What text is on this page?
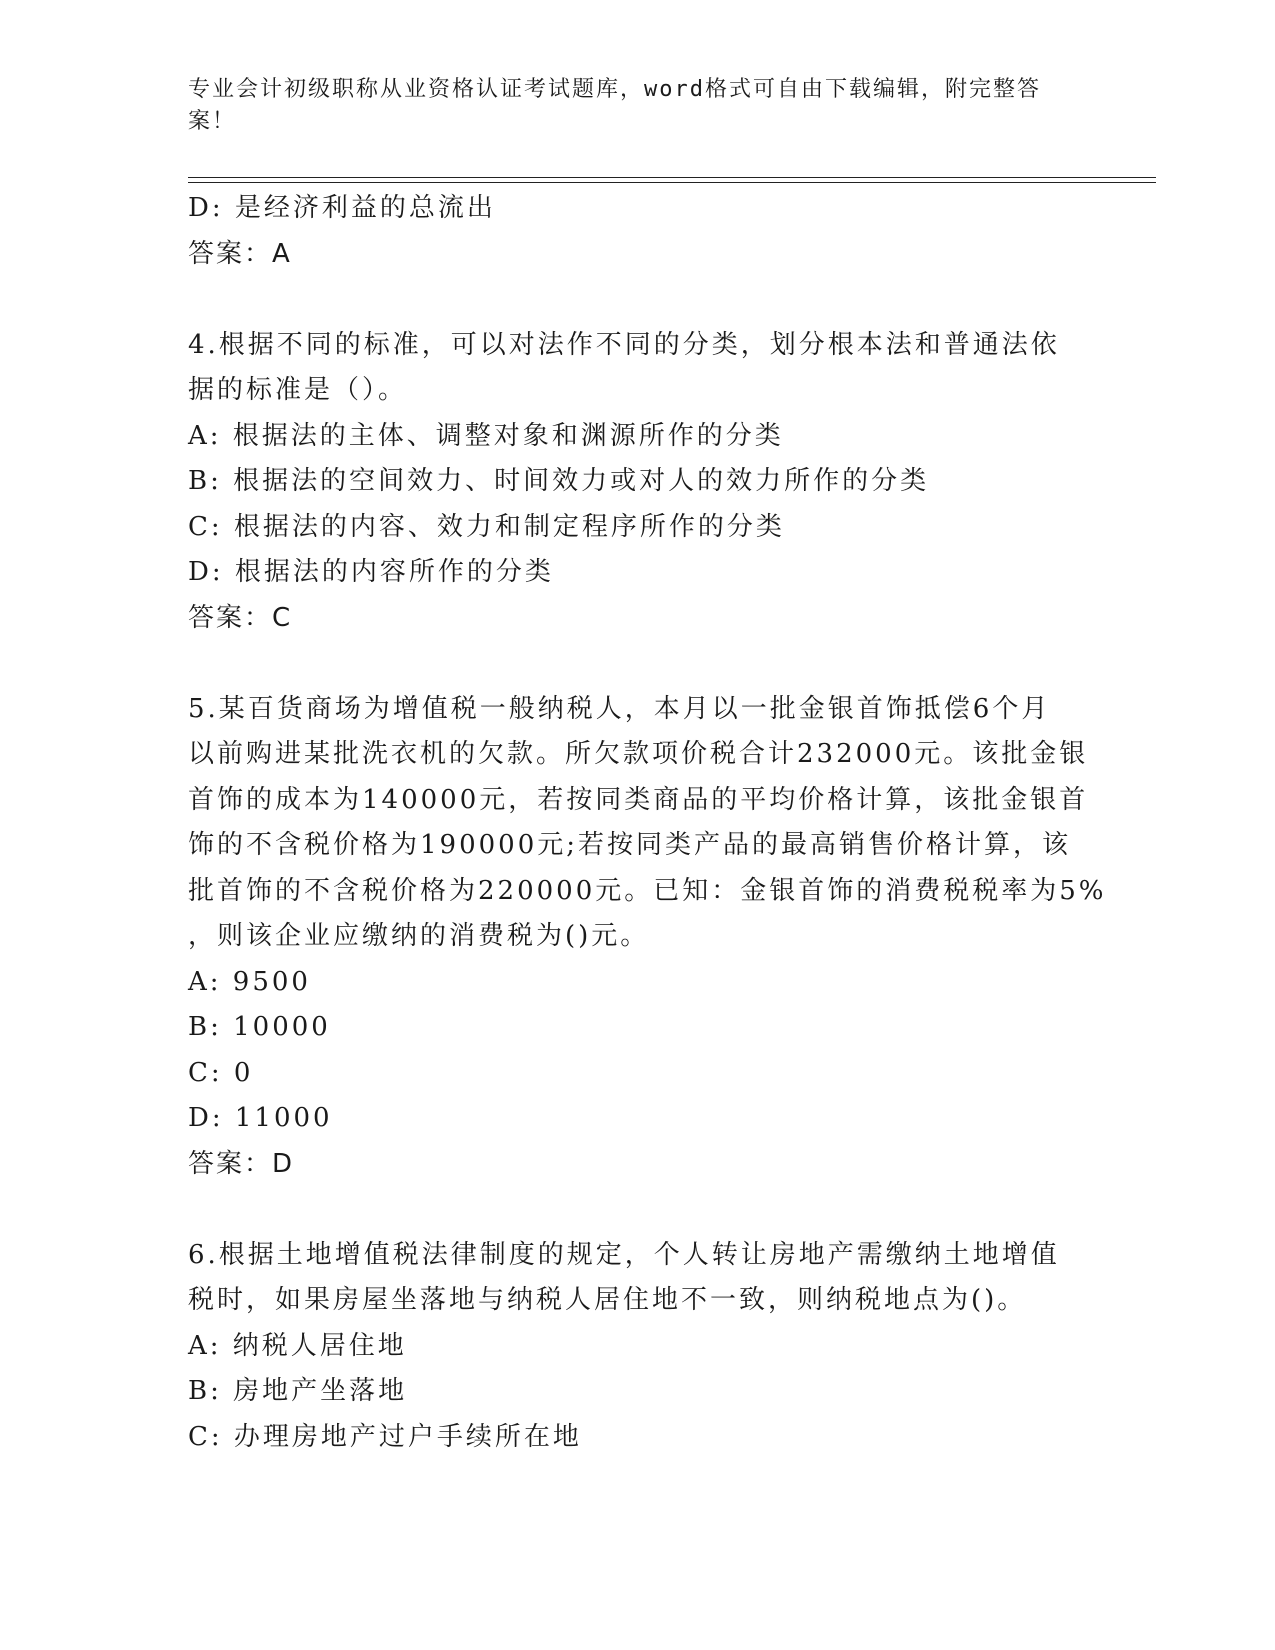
专业会计初级职称从业资格认证考试题库，word格式可自由下载编辑，附完整答案！
D: 是经济利益的总流出
答案：A
4.根据不同的标准，可以对法作不同的分类，划分根本法和普通法依
据的标准是（）。
A: 根据法的主体、调整对象和渊源所作的分类
B: 根据法的空间效力、时间效力或对人的效力所作的分类
C: 根据法的内容、效力和制定程序所作的分类
D: 根据法的内容所作的分类
答案：C
5.某百货商场为增值税一般纳税人，本月以一批金银首饰抵偿6个月
以前购进某批洗衣机的欠款。所欠款项价税合计232000元。该批金银
首饰的成本为140000元，若按同类商品的平均价格计算，该批金银首
饰的不含税价格为190000元;若按同类产品的最高销售价格计算，该
批首饰的不含税价格为220000元。已知：金银首饰的消费税税率为5%
，则该企业应缴纳的消费税为()元。
A: 9500
B: 10000
C: 0
D: 11000
答案：D
6.根据土地增值税法律制度的规定，个人转让房地产需缴纳土地增值
税时，如果房屋坐落地与纳税人居住地不一致，则纳税地点为()。
A: 纳税人居住地
B: 房地产坐落地
C: 办理房地产过户手续所在地
